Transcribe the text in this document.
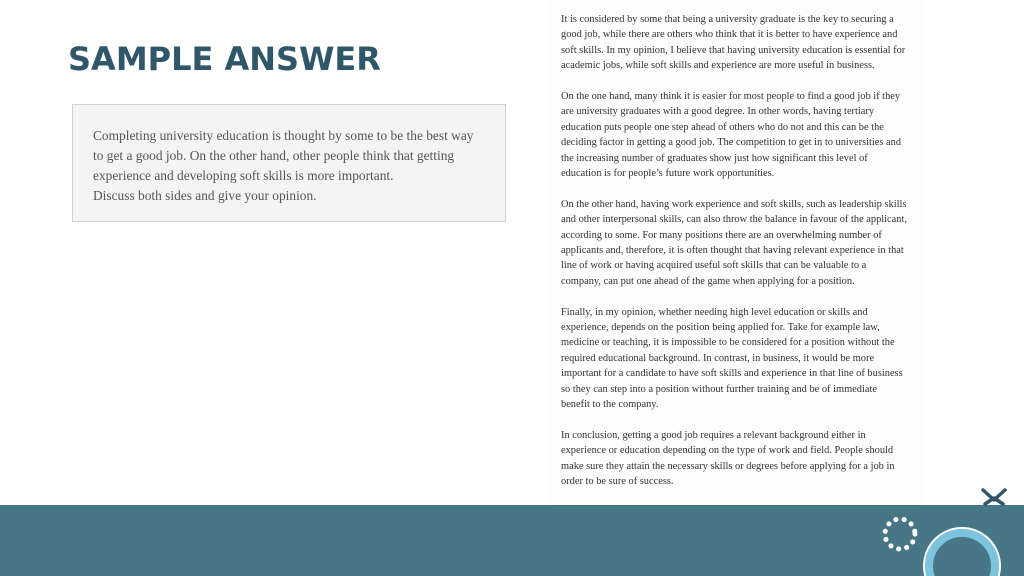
SAMPLE ANSWER
Completing university education is thought by some to be the best way
to get a good job. On the other hand, other people think that getting
experience and developing soft skills is more important.
Discuss both sides and give your opinion.

It is considered by some that being a university graduate is the key to securing a
good job, while there are others who think that it is better to have experience and
soft skills. In my opinion, I believe that having university education is essential for
academic jobs, while soft skills and experience are more useful in business.

On the one hand, many think it is easier for most people to find a good job if they
are university graduates with a good degree. In other words, having tertiary
education puts people one step ahead of others who do not and this can be the
deciding factor in getting a good job. The competition to get in to universities and
the increasing number of graduates show just how significant this level of
education is for people’s future work opportunities.

On the other hand, having work experience and soft skills, such as leadership skills
and other interpersonal skills, can also throw the balance in favour of the applicant,
according to some. For many positions there are an overwhelming number of
applicants and, therefore, it is often thought that having relevant experience in that
line of work or having acquired useful soft skills that can be valuable to a
company, can put one ahead of the game when applying for a position.

Finally, in my opinion, whether needing high level education or skills and
experience, depends on the position being applied for. Take for example law,
medicine or teaching, it is impossible to be considered for a position without the
required educational background. In contrast, in business, it would be more
important for a candidate to have soft skills and experience in that line of business
so they can step into a position without further training and be of immediate
benefit to the company.

In conclusion, getting a good job requires a relevant background either in
experience or education depending on the type of work and field. People should
make sure they attain the necessary skills or degrees before applying for a job in
order to be sure of success.
